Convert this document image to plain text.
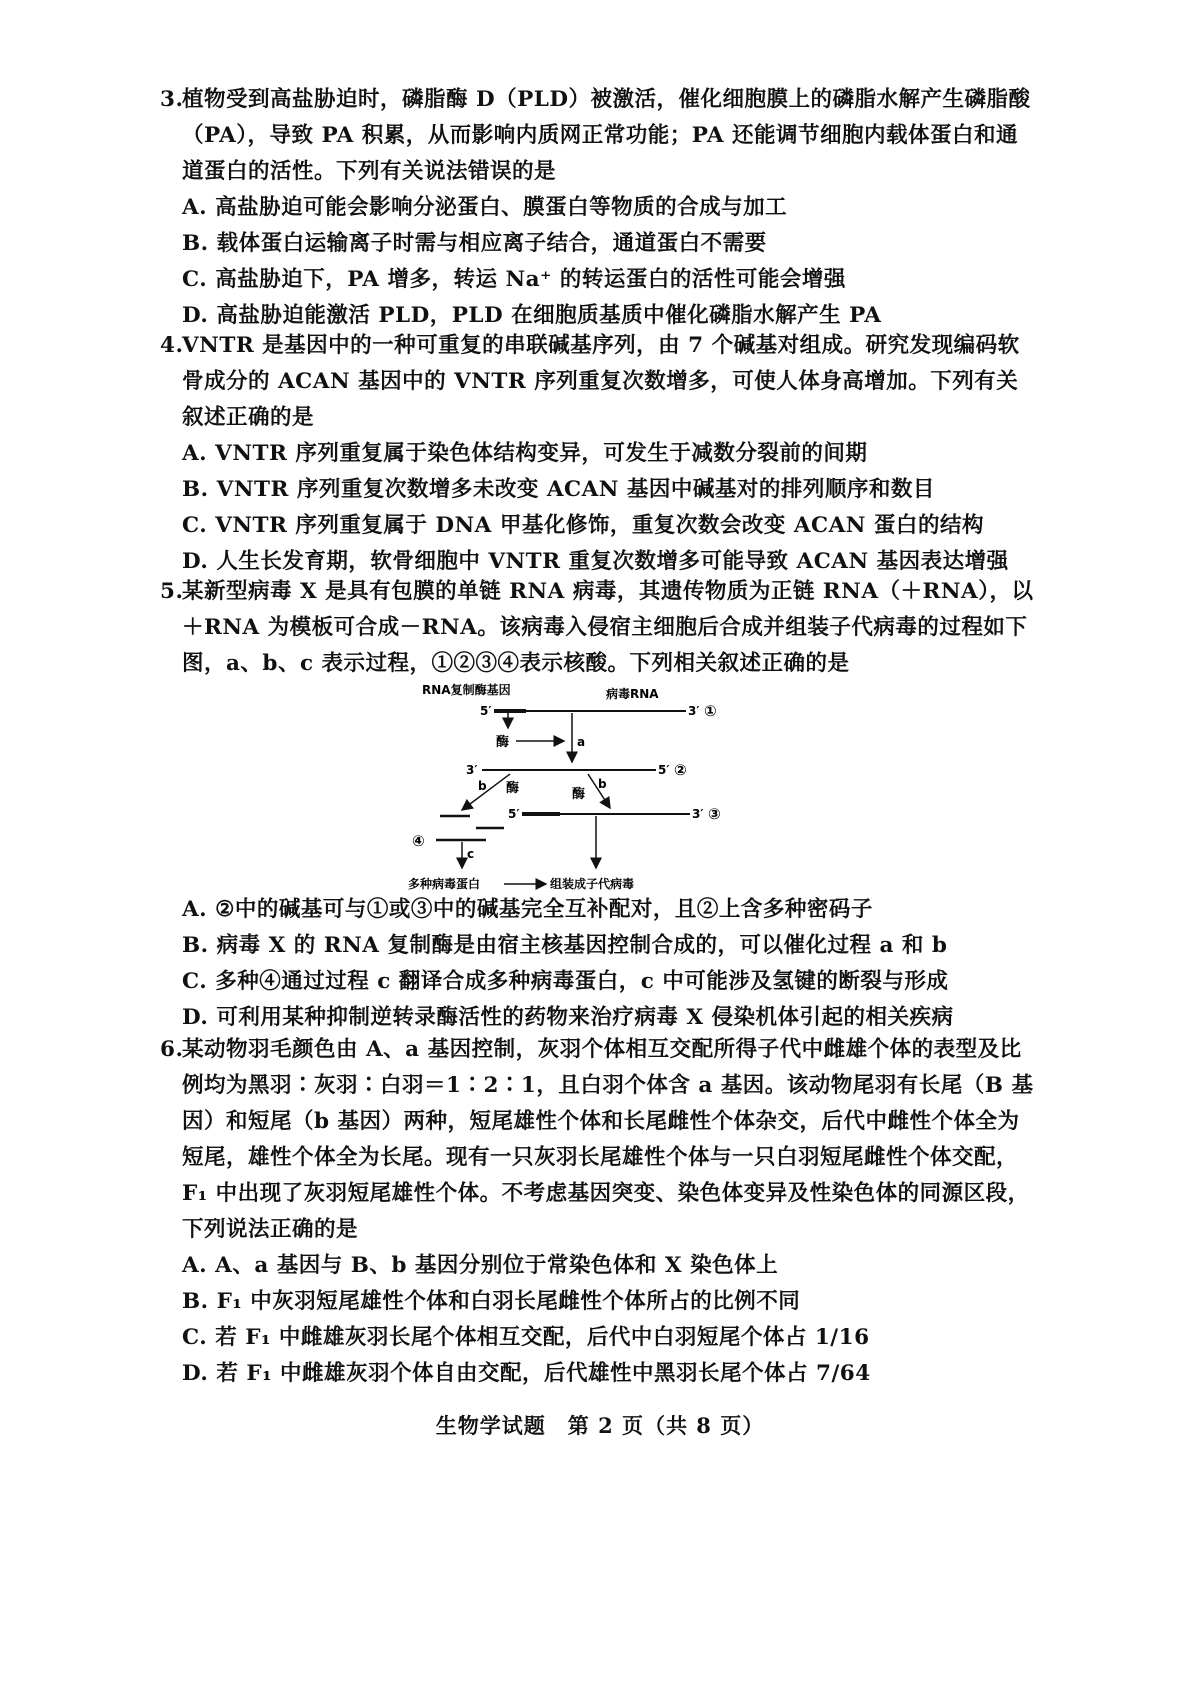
3.植物受到高盐胁迫时，磷脂酶 D（PLD）被激活，催化细胞膜上的磷脂水解产生磷脂酸（PA），导致 PA 积累，从而影响内质网正常功能；PA 还能调节细胞内载体蛋白和通道蛋白的活性。下列有关说法错误的是
A. 高盐胁迫可能会影响分泌蛋白、膜蛋白等物质的合成与加工
B. 载体蛋白运输离子时需与相应离子结合，通道蛋白不需要
C. 高盐胁迫下，PA 增多，转运 Na⁺ 的转运蛋白的活性可能会增强
D. 高盐胁迫能激活 PLD，PLD 在细胞质基质中催化磷脂水解产生 PA
4.VNTR 是基因中的一种可重复的串联碱基序列，由 7 个碱基对组成。研究发现编码软骨成分的 ACAN 基因中的 VNTR 序列重复次数增多，可使人体身高增加。下列有关叙述正确的是
A. VNTR 序列重复属于染色体结构变异，可发生于减数分裂前的间期
B. VNTR 序列重复次数增多未改变 ACAN 基因中碱基对的排列顺序和数目
C. VNTR 序列重复属于 DNA 甲基化修饰，重复次数会改变 ACAN 蛋白的结构
D. 人生长发育期，软骨细胞中 VNTR 重复次数增多可能导致 ACAN 基因表达增强
5.某新型病毒 X 是具有包膜的单链 RNA 病毒，其遗传物质为正链 RNA（＋RNA），以＋RNA 为模板可合成－RNA。该病毒入侵宿主细胞后合成并组装子代病毒的过程如下图，a、b、c 表示过程，①②③④表示核酸。下列相关叙述正确的是
RNA复制酶基因	病毒RNA
5′	3′ ①
酶	a
3′	5′ ②
b 酶	酶
b
④
5′	3′ ③
c
多种病毒蛋白	组装成子代病毒
A. ②中的碱基可与①或③中的碱基完全互补配对，且②上含多种密码子
B. 病毒 X 的 RNA 复制酶是由宿主核基因控制合成的，可以催化过程 a 和 b
C. 多种④通过过程 c 翻译合成多种病毒蛋白，c 中可能涉及氢键的断裂与形成
D. 可利用某种抑制逆转录酶活性的药物来治疗病毒 X 侵染机体引起的相关疾病
6.某动物羽毛颜色由 A、a 基因控制，灰羽个体相互交配所得子代中雌雄个体的表型及比例均为黑羽∶灰羽∶白羽＝1∶2∶1，且白羽个体含 a 基因。该动物尾羽有长尾（B 基因）和短尾（b 基因）两种，短尾雄性个体和长尾雌性个体杂交，后代中雌性个体全为短尾，雄性个体全为长尾。现有一只灰羽长尾雄性个体与一只白羽短尾雌性个体交配，F₁ 中出现了灰羽短尾雄性个体。不考虑基因突变、染色体变异及性染色体的同源区段，下列说法正确的是
A. A、a 基因与 B、b 基因分别位于常染色体和 X 染色体上
B. F₁ 中灰羽短尾雄性个体和白羽长尾雌性个体所占的比例不同
C. 若 F₁ 中雌雄灰羽长尾个体相互交配，后代中白羽短尾个体占 1/16
D. 若 F₁ 中雌雄灰羽个体自由交配，后代雄性中黑羽长尾个体占 7/64
生物学试题　第 2 页（共 8 页）
